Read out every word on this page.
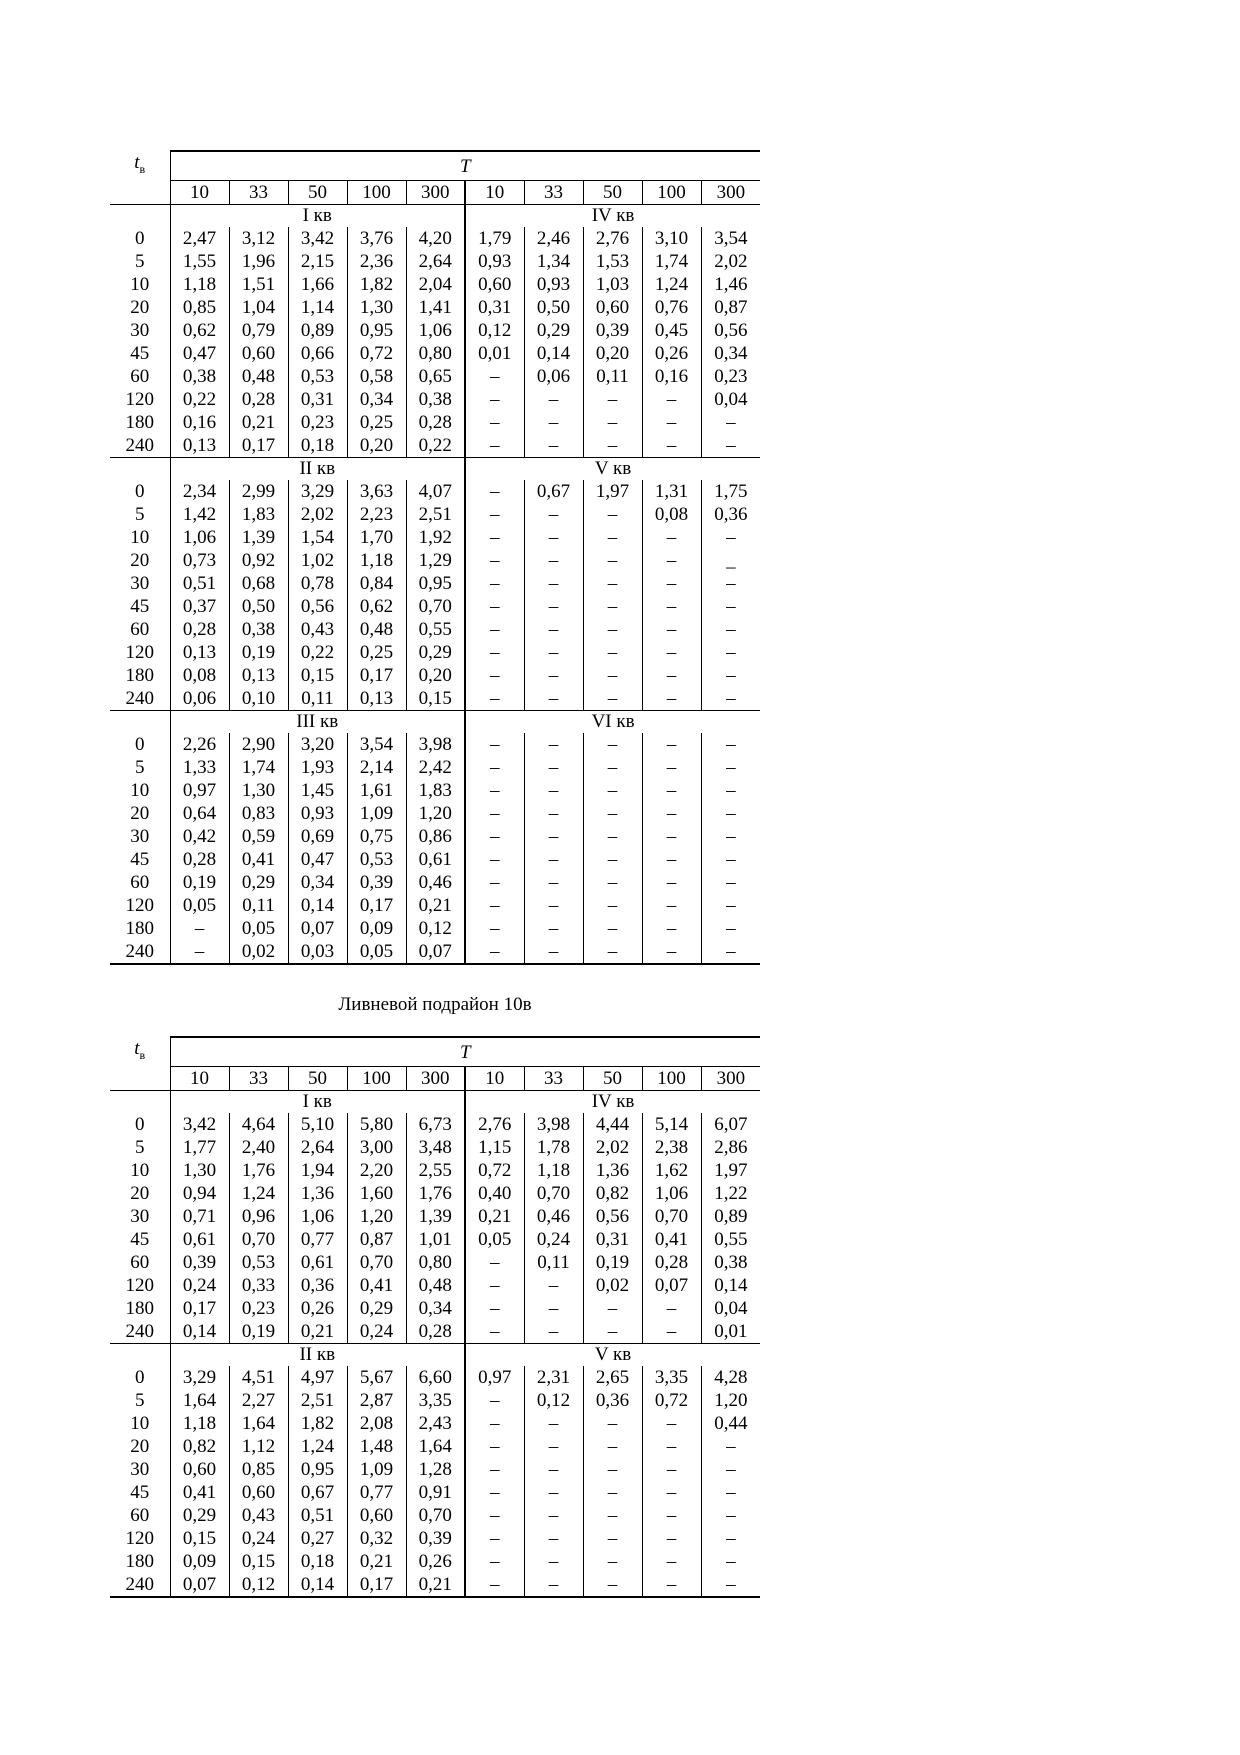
$t_в$	T									
	10	33	50	100	300	10	33	50	100	300
	I кв					IV кв				
0	2,47	3,12	3,42	3,76	4,20	1,79	2,46	2,76	3,10	3,54
5	1,55	1,96	2,15	2,36	2,64	0,93	1,34	1,53	1,74	2,02
10	1,18	1,51	1,66	1,82	2,04	0,60	0,93	1,03	1,24	1,46
20	0,85	1,04	1,14	1,30	1,41	0,31	0,50	0,60	0,76	0,87
30	0,62	0,79	0,89	0,95	1,06	0,12	0,29	0,39	0,45	0,56
45	0,47	0,60	0,66	0,72	0,80	0,01	0,14	0,20	0,26	0,34
60	0,38	0,48	0,53	0,58	0,65	–	0,06	0,11	0,16	0,23
120	0,22	0,28	0,31	0,34	0,38	–	–	–	–	0,04
180	0,16	0,21	0,23	0,25	0,28	–	–	–	–	–
240	0,13	0,17	0,18	0,20	0,22	–	–	–	–	–
	II кв					V кв				
0	2,34	2,99	3,29	3,63	4,07	–	0,67	1,97	1,31	1,75
5	1,42	1,83	2,02	2,23	2,51	–	–	–	0,08	0,36
10	1,06	1,39	1,54	1,70	1,92	–	–	–	–	–
20	0,73	0,92	1,02	1,18	1,29	–	–	–	–	_
30	0,51	0,68	0,78	0,84	0,95	–	–	–	–	–
45	0,37	0,50	0,56	0,62	0,70	–	–	–	–	–
60	0,28	0,38	0,43	0,48	0,55	–	–	–	–	–
120	0,13	0,19	0,22	0,25	0,29	–	–	–	–	–
180	0,08	0,13	0,15	0,17	0,20	–	–	–	–	–
240	0,06	0,10	0,11	0,13	0,15	–	–	–	–	–
	III кв					VI кв				
0	2,26	2,90	3,20	3,54	3,98	–	–	–	–	–
5	1,33	1,74	1,93	2,14	2,42	–	–	–	–	–
10	0,97	1,30	1,45	1,61	1,83	–	–	–	–	–
20	0,64	0,83	0,93	1,09	1,20	–	–	–	–	–
30	0,42	0,59	0,69	0,75	0,86	–	–	–	–	–
45	0,28	0,41	0,47	0,53	0,61	–	–	–	–	–
60	0,19	0,29	0,34	0,39	0,46	–	–	–	–	–
120	0,05	0,11	0,14	0,17	0,21	–	–	–	–	–
180	–	0,05	0,07	0,09	0,12	–	–	–	–	–
240	–	0,02	0,03	0,05	0,07	–	–	–	–	–
Ливневой подрайон 10в
$t_в$	T									
	10	33	50	100	300	10	33	50	100	300
	I кв					IV кв				
0	3,42	4,64	5,10	5,80	6,73	2,76	3,98	4,44	5,14	6,07
5	1,77	2,40	2,64	3,00	3,48	1,15	1,78	2,02	2,38	2,86
10	1,30	1,76	1,94	2,20	2,55	0,72	1,18	1,36	1,62	1,97
20	0,94	1,24	1,36	1,60	1,76	0,40	0,70	0,82	1,06	1,22
30	0,71	0,96	1,06	1,20	1,39	0,21	0,46	0,56	0,70	0,89
45	0,61	0,70	0,77	0,87	1,01	0,05	0,24	0,31	0,41	0,55
60	0,39	0,53	0,61	0,70	0,80	–	0,11	0,19	0,28	0,38
120	0,24	0,33	0,36	0,41	0,48	–	–	0,02	0,07	0,14
180	0,17	0,23	0,26	0,29	0,34	–	–	–	–	0,04
240	0,14	0,19	0,21	0,24	0,28	–	–	–	–	0,01
	II кв					V кв				
0	3,29	4,51	4,97	5,67	6,60	0,97	2,31	2,65	3,35	4,28
5	1,64	2,27	2,51	2,87	3,35	–	0,12	0,36	0,72	1,20
10	1,18	1,64	1,82	2,08	2,43	–	–	–	–	0,44
20	0,82	1,12	1,24	1,48	1,64	–	–	–	–	–
30	0,60	0,85	0,95	1,09	1,28	–	–	–	–	–
45	0,41	0,60	0,67	0,77	0,91	–	–	–	–	–
60	0,29	0,43	0,51	0,60	0,70	–	–	–	–	–
120	0,15	0,24	0,27	0,32	0,39	–	–	–	–	–
180	0,09	0,15	0,18	0,21	0,26	–	–	–	–	–
240	0,07	0,12	0,14	0,17	0,21	–	–	–	–	–
